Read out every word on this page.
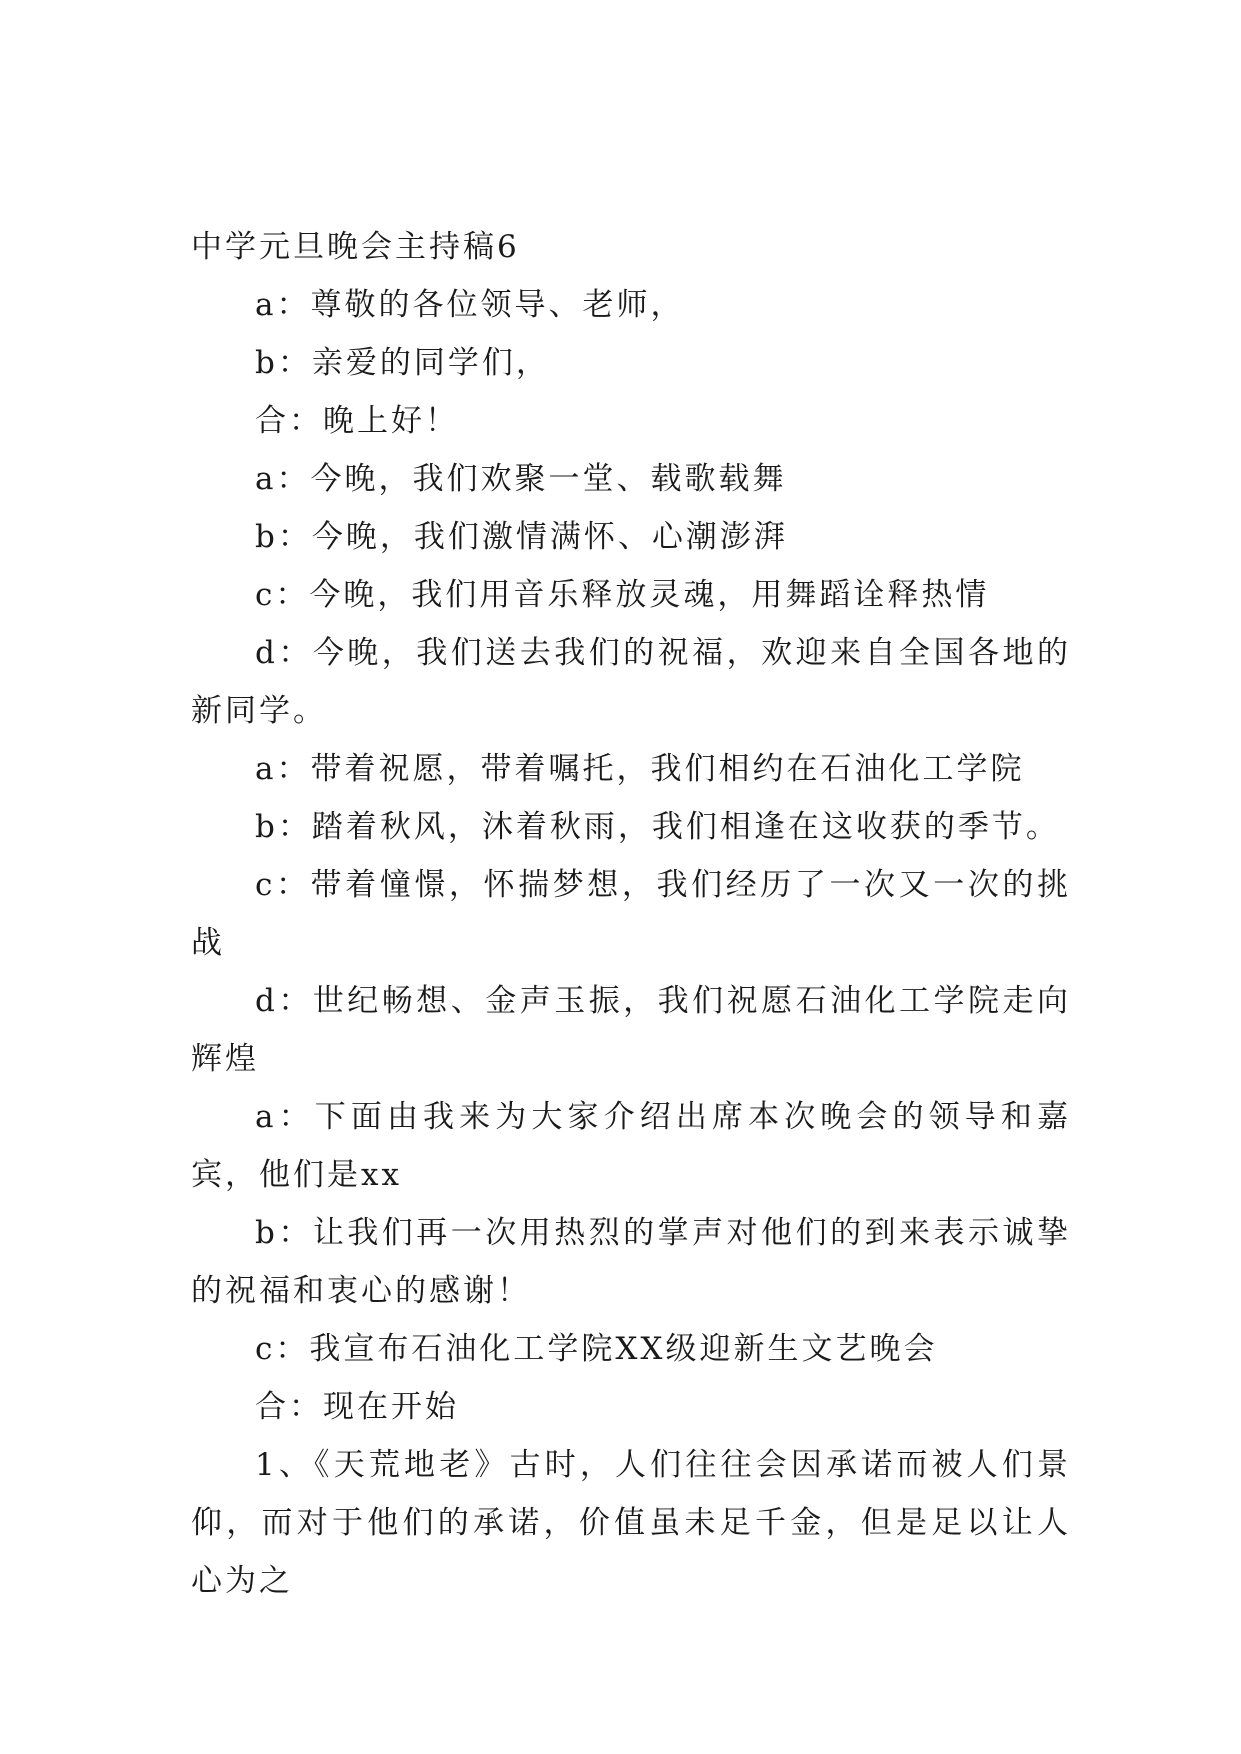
中学元旦晚会主持稿6

a：尊敬的各位领导、老师，

b：亲爱的同学们，

合：晚上好！

a：今晚，我们欢聚一堂、载歌载舞

b：今晚，我们激情满怀、心潮澎湃

c：今晚，我们用音乐释放灵魂，用舞蹈诠释热情

d：今晚，我们送去我们的祝福，欢迎来自全国各地的新同学。

a：带着祝愿，带着嘱托，我们相约在石油化工学院

b：踏着秋风，沐着秋雨，我们相逢在这收获的季节。

c：带着憧憬，怀揣梦想，我们经历了一次又一次的挑战

d：世纪畅想、金声玉振，我们祝愿石油化工学院走向辉煌

a：下面由我来为大家介绍出席本次晚会的领导和嘉宾，他们是xx

b：让我们再一次用热烈的掌声对他们的到来表示诚挚的祝福和衷心的感谢！

c：我宣布石油化工学院XX级迎新生文艺晚会

合：现在开始

1、《天荒地老》古时，人们往往会因承诺而被人们景仰，而对于他们的承诺，价值虽未足千金，但是足以让人心为之
